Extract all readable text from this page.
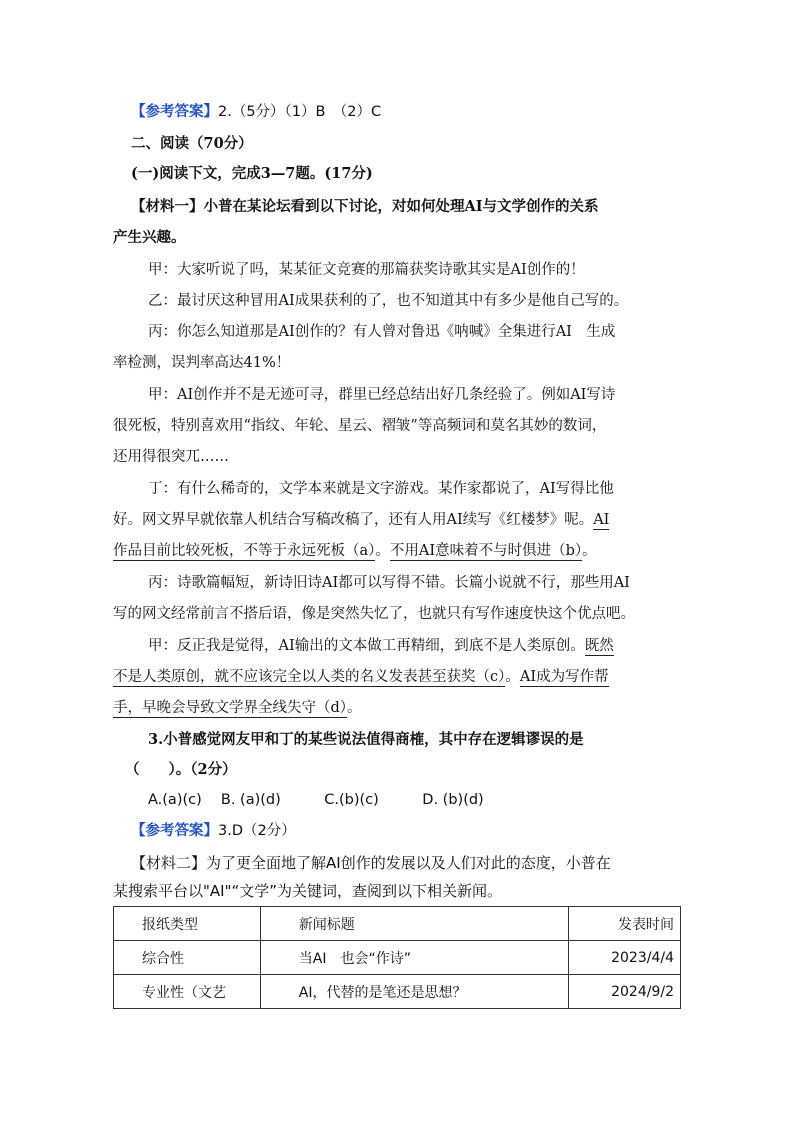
【参考答案】2.（5分）（1）B　（2）C
二、阅读（70分）
(一)阅读下文，完成3—7题。(17分)
【材料一】小普在某论坛看到以下讨论，对如何处理AI与文学创作的关系
产生兴趣。
甲：大家听说了吗，某某征文竞赛的那篇获奖诗歌其实是AI创作的！
乙：最讨厌这种冒用AI成果获利的了，也不知道其中有多少是他自己写的。
丙：你怎么知道那是AI创作的？有人曾对鲁迅《呐喊》全集进行AI　生成
率检测，误判率高达41%！
甲：AI创作并不是无迹可寻，群里已经总结出好几条经验了。例如AI写诗
很死板，特别喜欢用“指纹、年轮、星云、褶皱”等高频词和莫名其妙的数词，
还用得很突兀……
丁：有什么稀奇的，文学本来就是文字游戏。某作家都说了，AI写得比他
好。网文界早就依靠人机结合写稿改稿了，还有人用AI续写《红楼梦》呢。AI
作品目前比较死板，不等于永远死板（a）。不用AI意味着不与时俱进（b）。
丙：诗歌篇幅短，新诗旧诗AI都可以写得不错。长篇小说就不行，那些用AI
写的网文经常前言不搭后语，像是突然失忆了，也就只有写作速度快这个优点吧。
甲：反正我是觉得，AI输出的文本做工再精细，到底不是人类原创。既然
不是人类原创，就不应该完全以人类的名义发表甚至获奖（c）。AI成为写作帮
手，早晚会导致文学界全线失守（d）。
3.小普感觉网友甲和丁的某些说法值得商榷，其中存在逻辑谬误的是
（　　）。（2分）
A.(a)(c)　 B. (a)(d)　　　C.(b)(c)　　　D. (b)(d)
【参考答案】3.D（2分）
【材料二】为了更全面地了解AI创作的发展以及人们对此的态度，小普在
某搜索平台以"AI"“文学”为关键词，查阅到以下相关新闻。
报纸类型	新闻标题	发表时间
综合性	当AI　也会“作诗”	2023/4/4
专业性（文艺	AI，代替的是笔还是思想？	2024/9/2
